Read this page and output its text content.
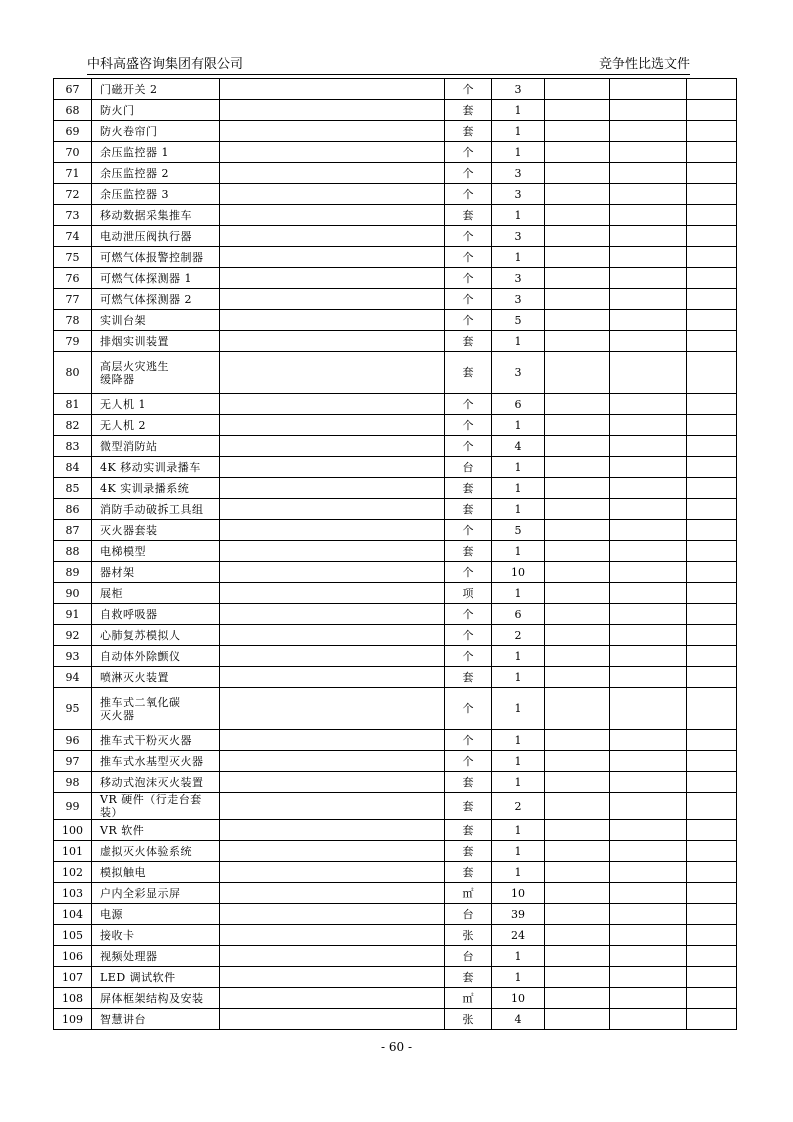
中科高盛咨询集团有限公司	竞争性比选文件
67	门磁开关 2		个	3			
68	防火门		套	1			
69	防火卷帘门		套	1			
70	余压监控器 1		个	1			
71	余压监控器 2		个	3			
72	余压监控器 3		个	3			
73	移动数据采集推车		套	1			
74	电动泄压阀执行器		个	3			
75	可燃气体报警控制器		个	1			
76	可燃气体探测器 1		个	3			
77	可燃气体探测器 2		个	3			
78	实训台架		个	5			
79	排烟实训装置		套	1			
80	高层火灾逃生
缓降器		套	3			
81	无人机 1		个	6			
82	无人机 2		个	1			
83	微型消防站		个	4			
84	4K 移动实训录播车		台	1			
85	4K 实训录播系统		套	1			
86	消防手动破拆工具组		套	1			
87	灭火器套装		个	5			
88	电梯模型		套	1			
89	器材架		个	10			
90	展柜		项	1			
91	自救呼吸器		个	6			
92	心肺复苏模拟人		个	2			
93	自动体外除颤仪		个	1			
94	喷淋灭火装置		套	1			
95	推车式二氧化碳
灭火器		个	1			
96	推车式干粉灭火器		个	1			
97	推车式水基型灭火器		个	1			
98	移动式泡沫灭火装置		套	1			
99	VR 硬件（行走台套装）		套	2			
100	VR 软件		套	1			
101	虚拟灭火体验系统		套	1			
102	模拟触电		套	1			
103	户内全彩显示屏		㎡	10			
104	电源		台	39			
105	接收卡		张	24			
106	视频处理器		台	1			
107	LED 调试软件		套	1			
108	屏体框架结构及安装		㎡	10			
109	智慧讲台		张	4			
- 60 -
